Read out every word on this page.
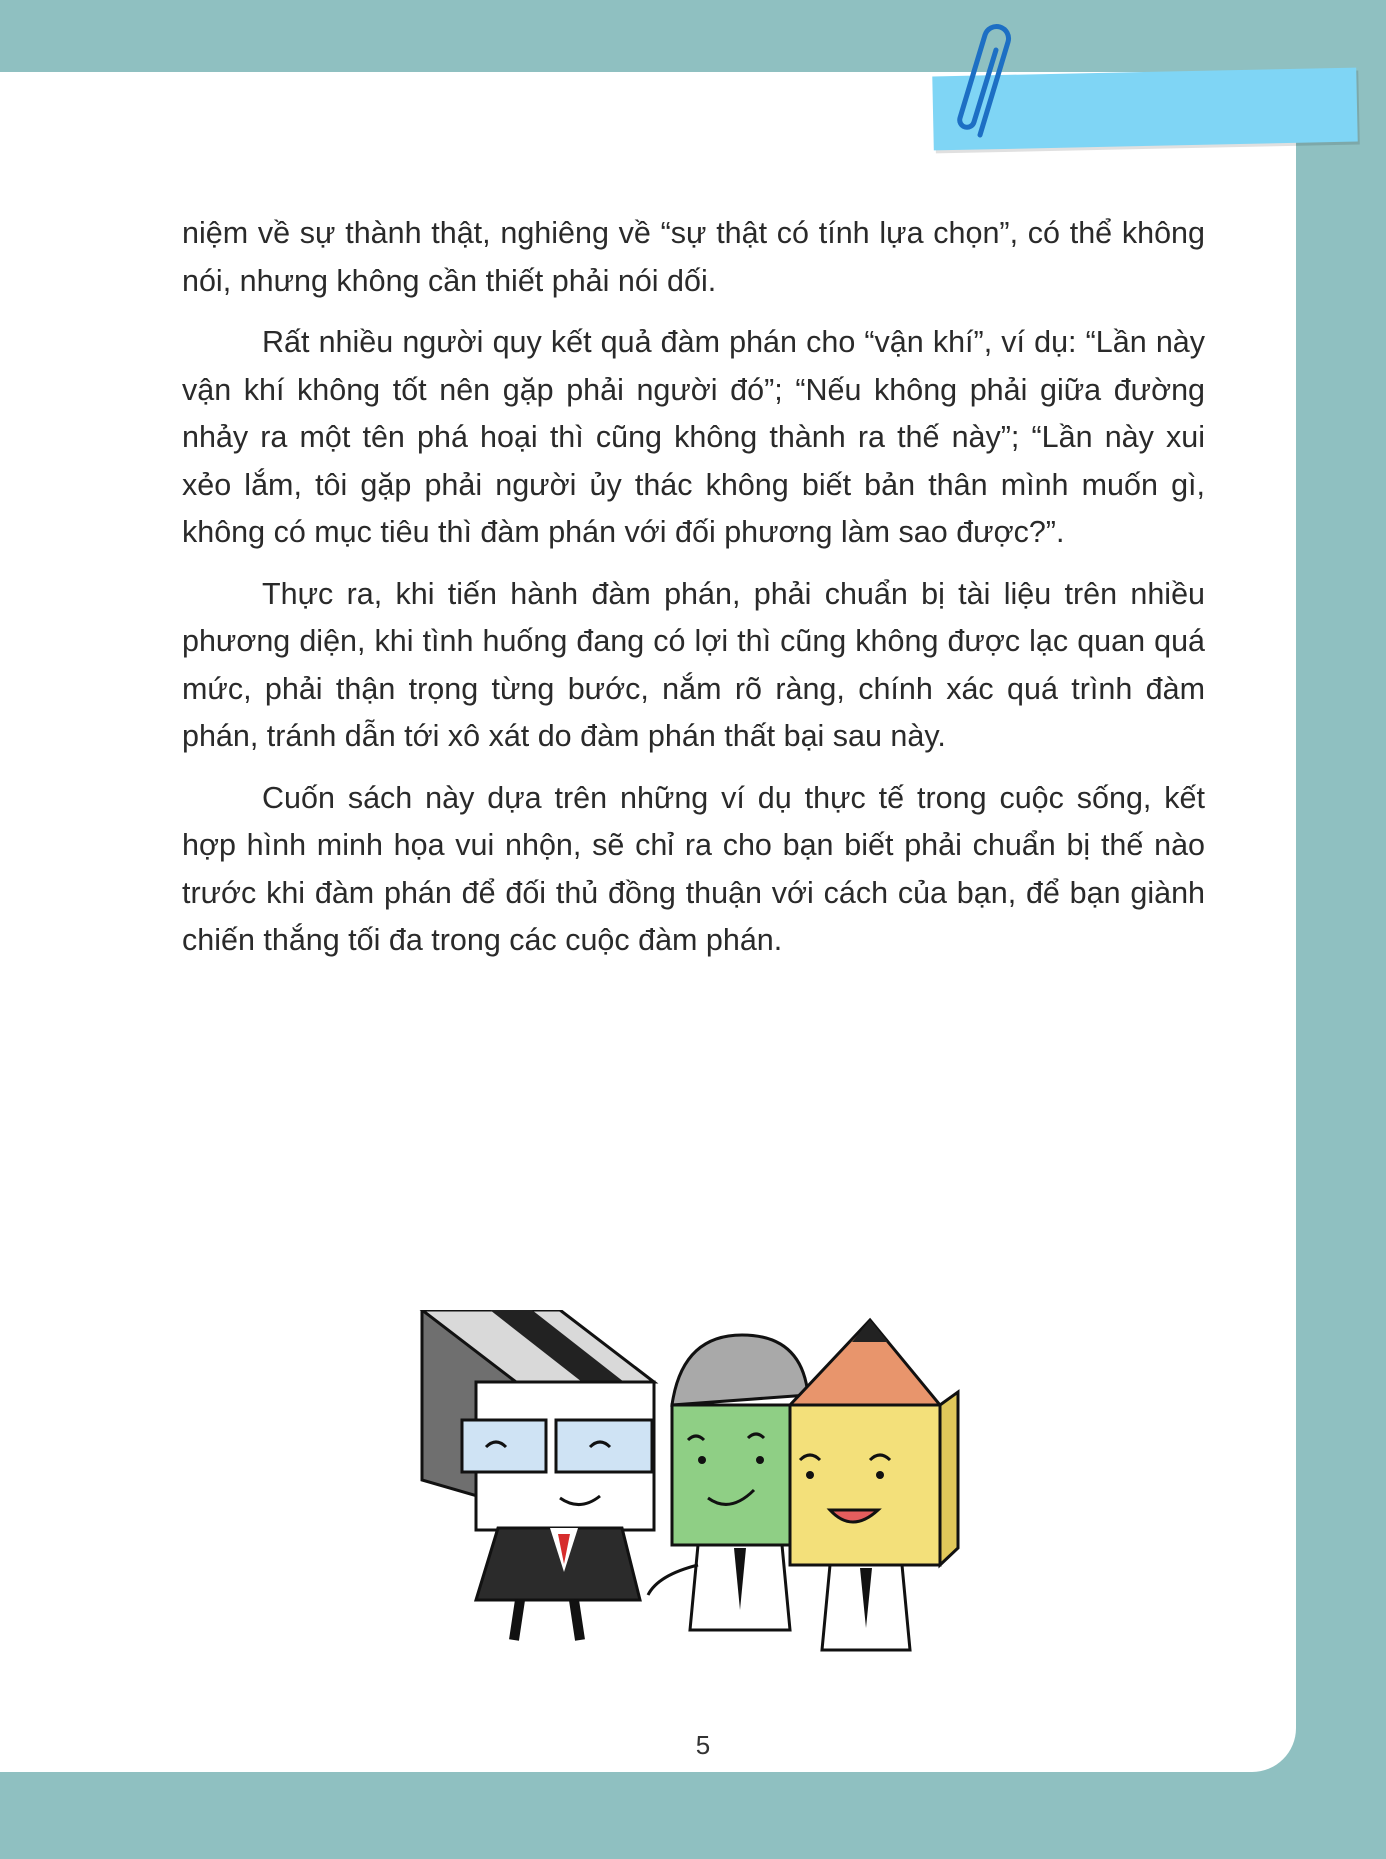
niệm về sự thành thật, nghiêng về “sự thật có tính lựa chọn”, có thể không nói, nhưng không cần thiết phải nói dối.

Rất nhiều người quy kết quả đàm phán cho “vận khí”, ví dụ: “Lần này vận khí không tốt nên gặp phải người đó”; “Nếu không phải giữa đường nhảy ra một tên phá hoại thì cũng không thành ra thế này”; “Lần này xui xẻo lắm, tôi gặp phải người ủy thác không biết bản thân mình muốn gì, không có mục tiêu thì đàm phán với đối phương làm sao được?”.

Thực ra, khi tiến hành đàm phán, phải chuẩn bị tài liệu trên nhiều phương diện, khi tình huống đang có lợi thì cũng không được lạc quan quá mức, phải thận trọng từng bước, nắm rõ ràng, chính xác quá trình đàm phán, tránh dẫn tới xô xát do đàm phán thất bại sau này.

Cuốn sách này dựa trên những ví dụ thực tế trong cuộc sống, kết hợp hình minh họa vui nhộn, sẽ chỉ ra cho bạn biết phải chuẩn bị thế nào trước khi đàm phán để đối thủ đồng thuận với cách của bạn, để bạn giành chiến thắng tối đa trong các cuộc đàm phán.

5
